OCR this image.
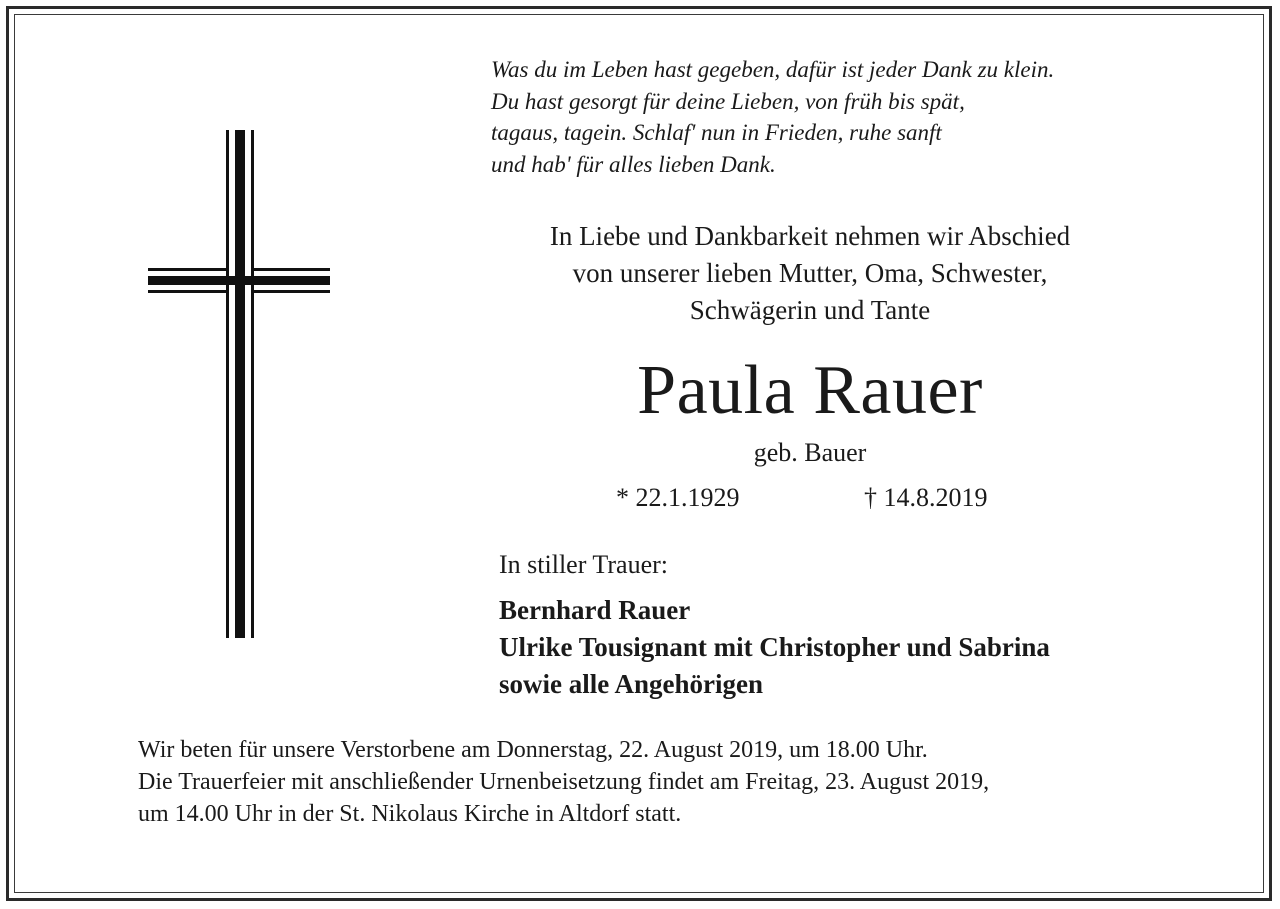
Was du im Leben hast gegeben, dafür ist jeder Dank zu klein.
Du hast gesorgt für deine Lieben, von früh bis spät,
tagaus, tagein. Schlaf' nun in Frieden, ruhe sanft
und hab' für alles lieben Dank.
In Liebe und Dankbarkeit nehmen wir Abschied
von unserer lieben Mutter, Oma, Schwester,
Schwägerin und Tante
Paula Rauer
geb. Bauer
* 22.1.1929	† 14.8.2019
In stiller Trauer:
Bernhard Rauer
Ulrike Tousignant mit Christopher und Sabrina
sowie alle Angehörigen
Wir beten für unsere Verstorbene am Donnerstag, 22. August 2019, um 18.00 Uhr.
Die Trauerfeier mit anschließender Urnenbeisetzung findet am Freitag, 23. August 2019,
um 14.00 Uhr in der St. Nikolaus Kirche in Altdorf statt.
